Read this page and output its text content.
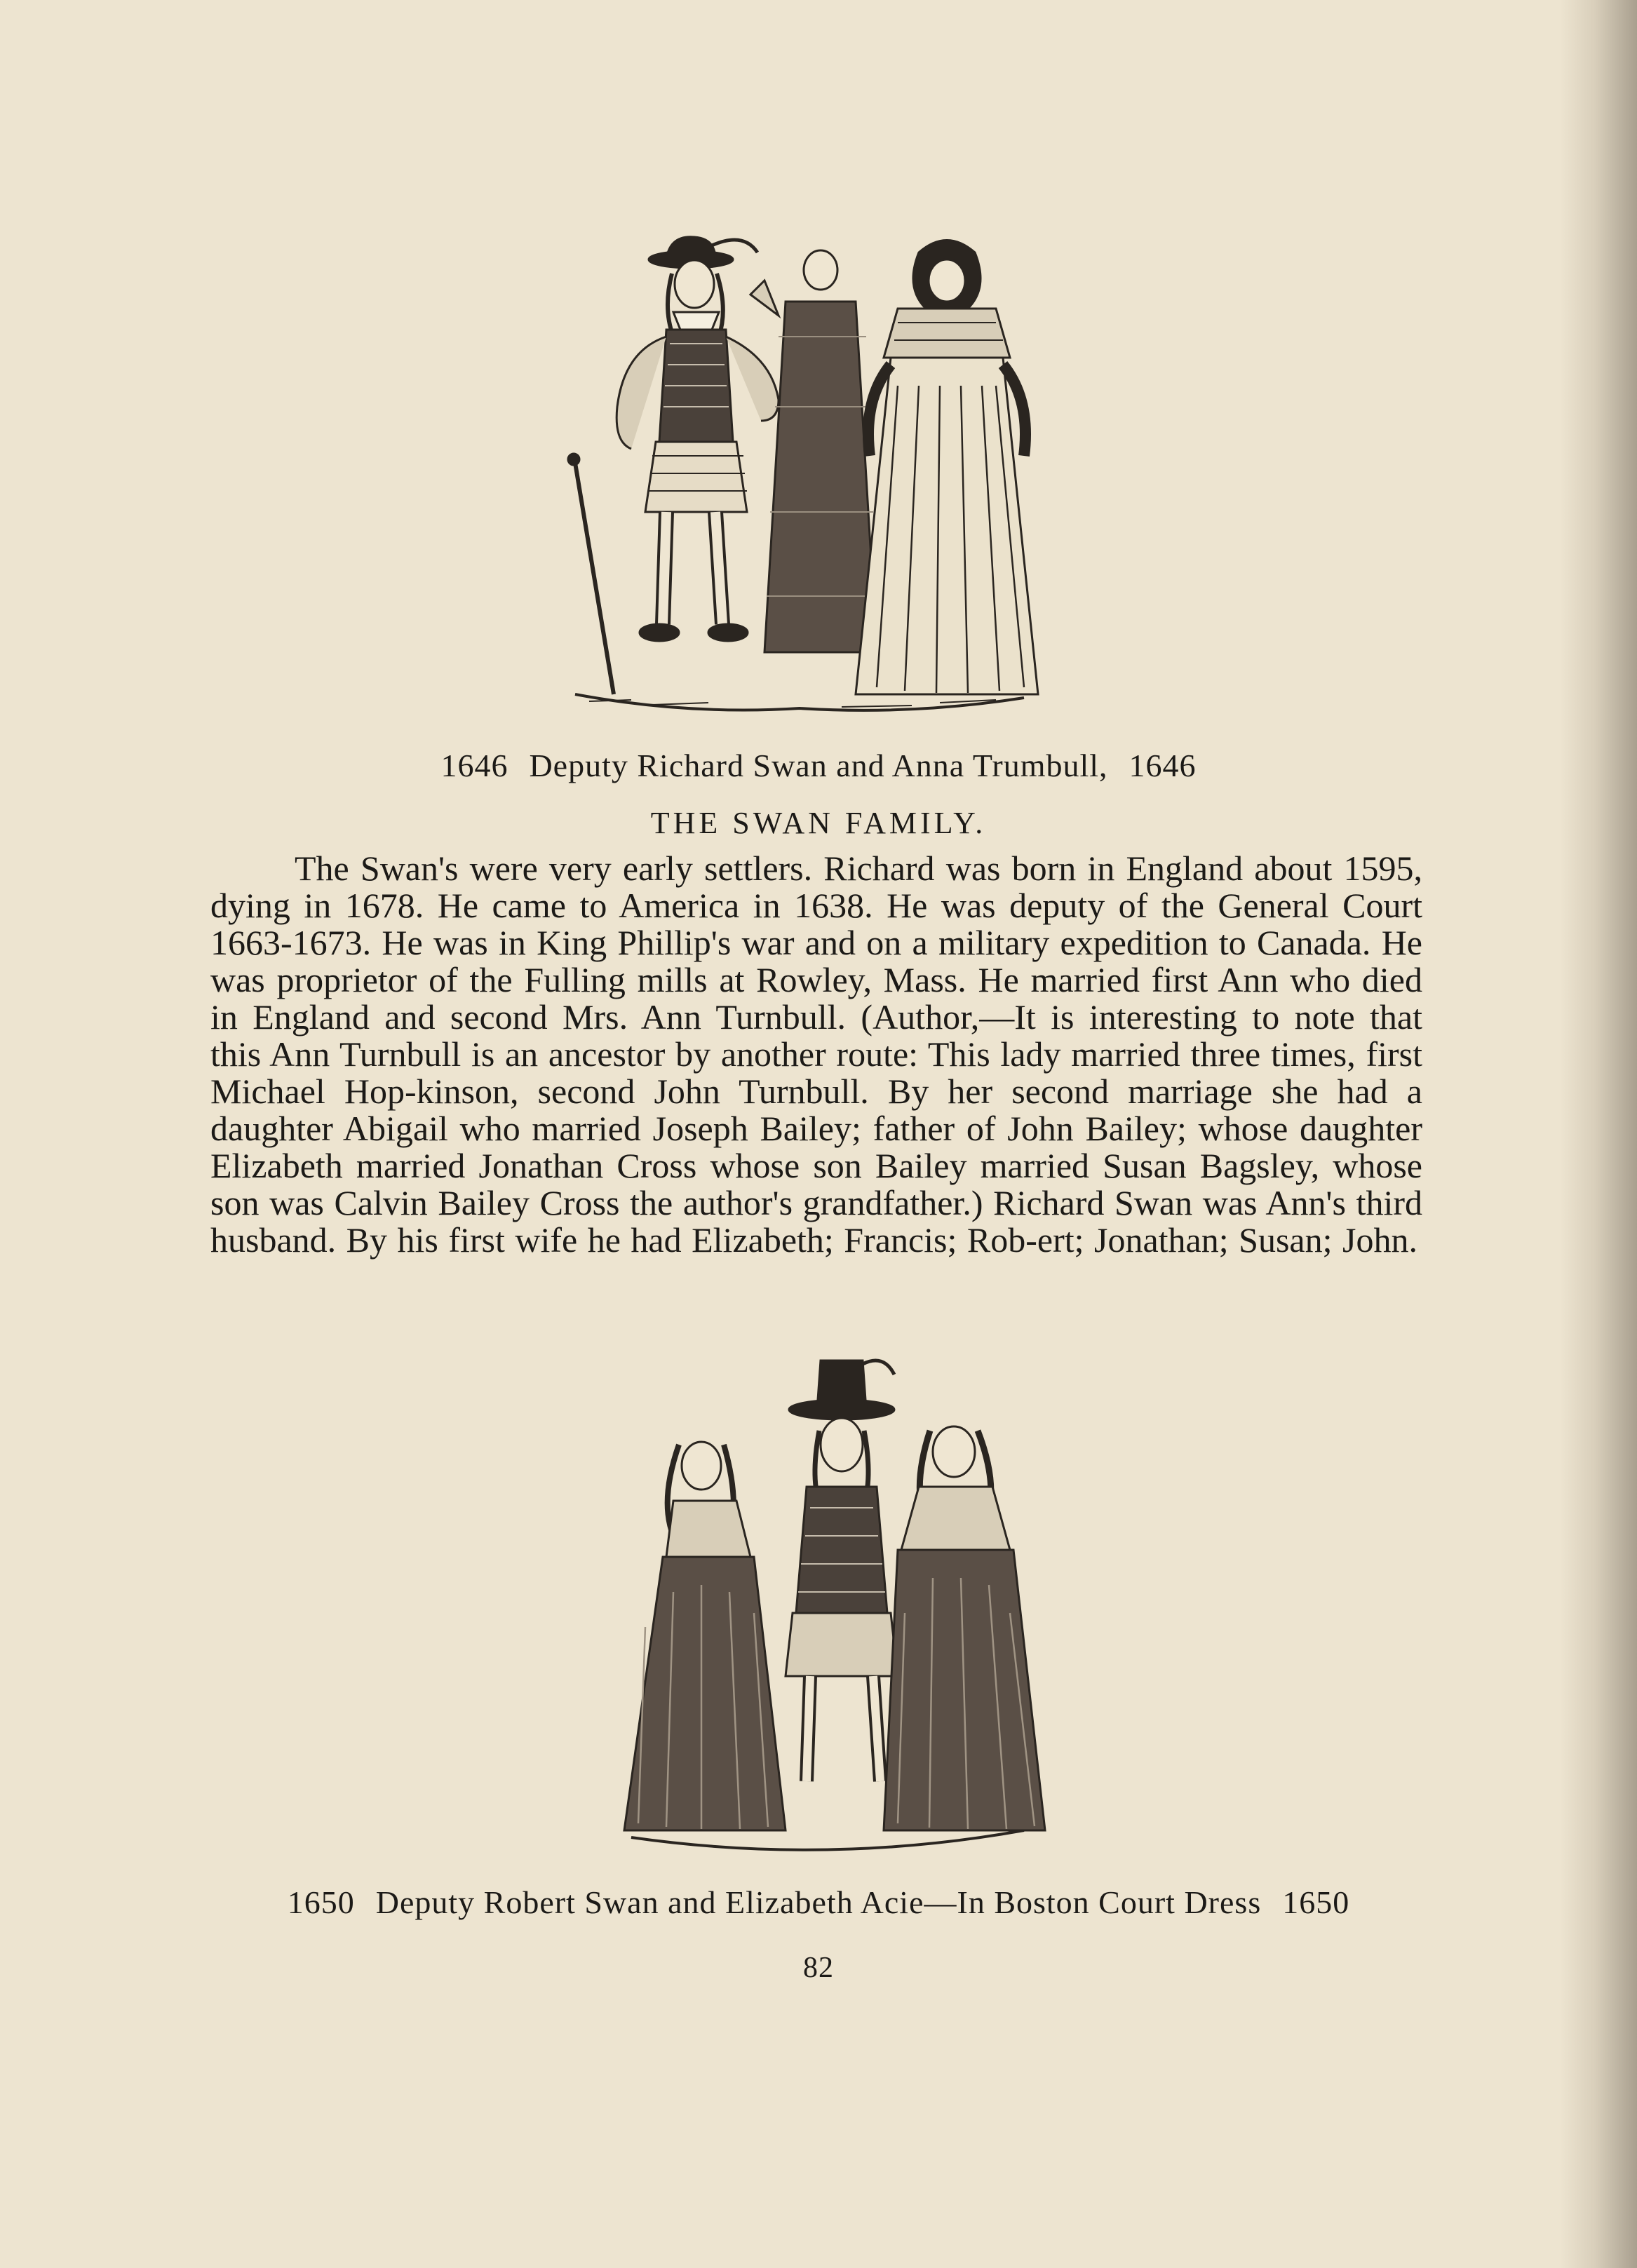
1646 Deputy Richard Swan and Anna Trumbull, 1646
THE SWAN FAMILY.

The Swan's were very early settlers. Richard was born in England about 1595, dying in 1678. He came to America in 1638. He was deputy of the General Court 1663-1673. He was in King Phillip's war and on a military expedition to Canada. He was proprietor of the Fulling mills at Rowley, Mass. He married first Ann who died in England and second Mrs. Ann Turnbull. (Author,—It is interesting to note that this Ann Turnbull is an ancestor by another route: This lady married three times, first Michael Hop-kinson, second John Turnbull. By her second marriage she had a daughter Abigail who married Joseph Bailey; father of John Bailey; whose daughter Elizabeth married Jonathan Cross whose son Bailey married Susan Bagsley, whose son was Calvin Bailey Cross the author's grandfather.) Richard Swan was Ann's third husband. By his first wife he had Elizabeth; Francis; Rob-ert; Jonathan; Susan; John.

1650 Deputy Robert Swan and Elizabeth Acie—In Boston Court Dress 1650
82
